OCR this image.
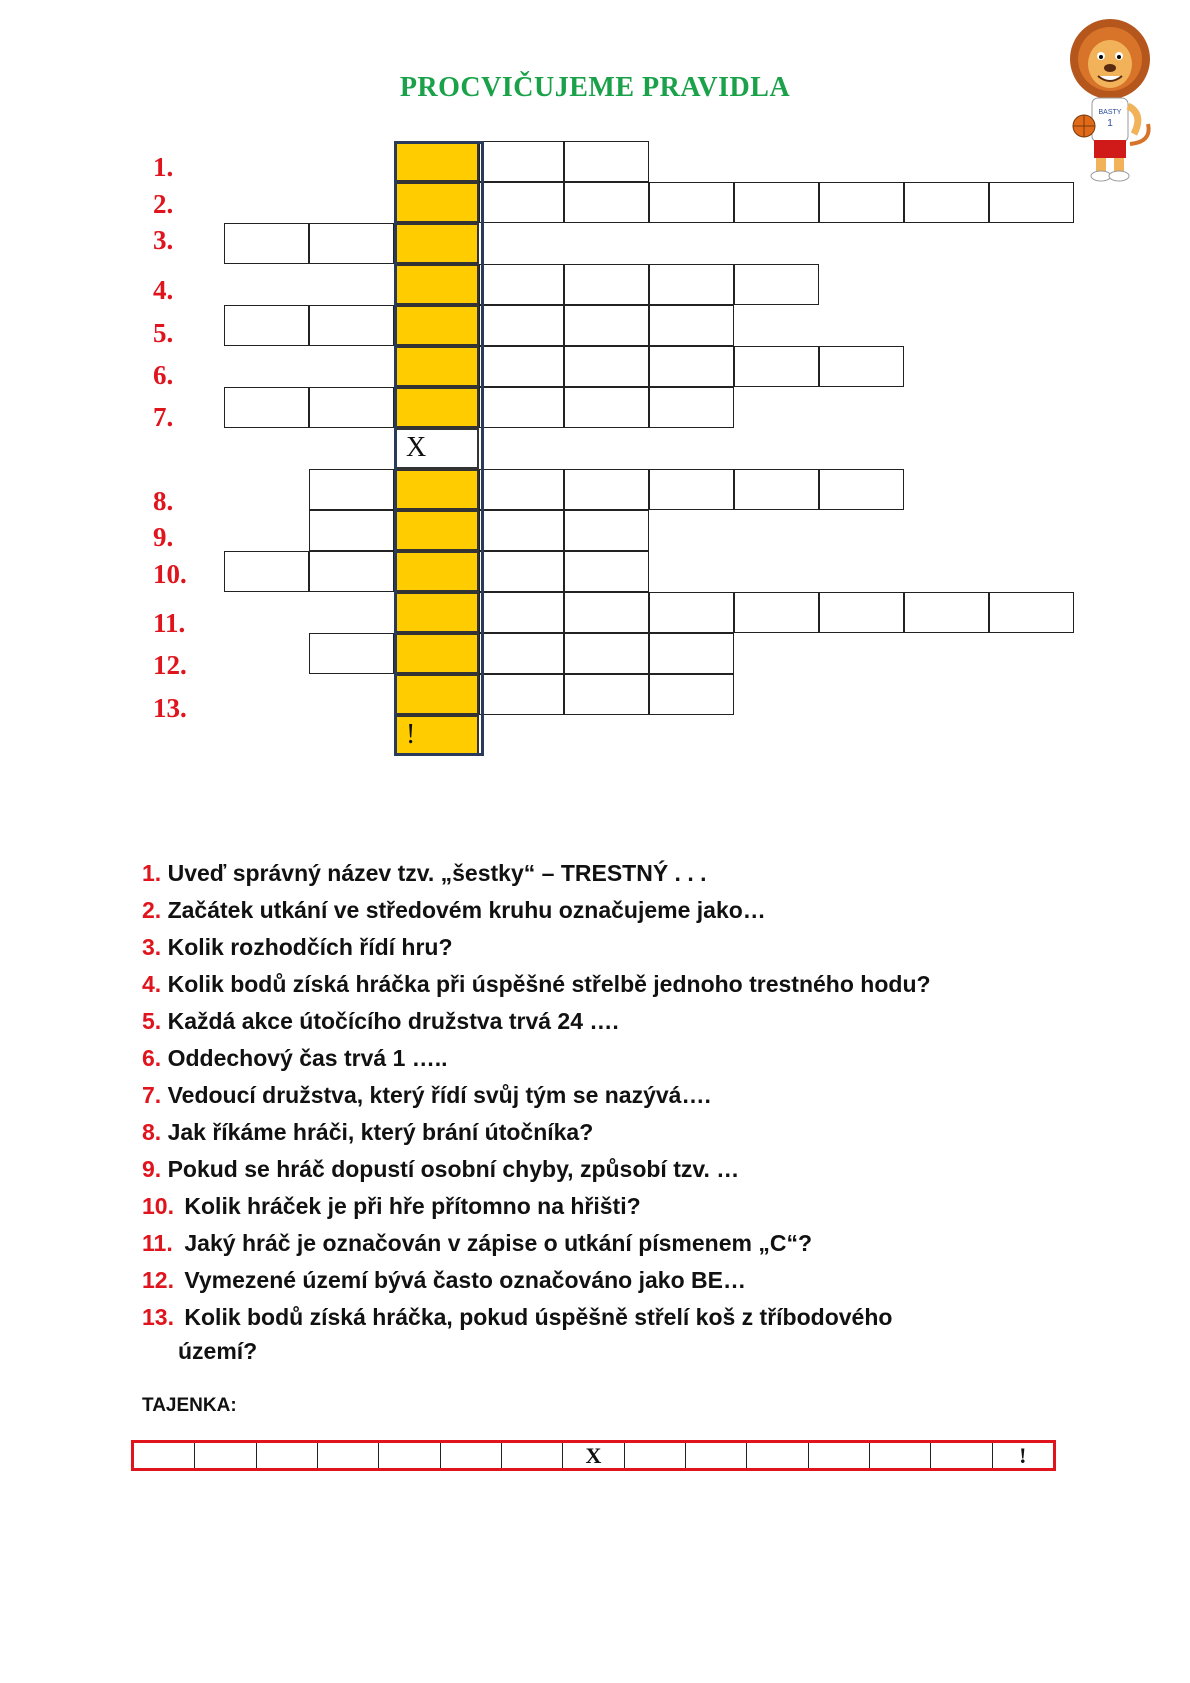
PROCVIČUJEME PRAVIDLA
BASTY
1
1.
2.
3.
4.
5.
6.
7.
8.
9.
10.
11.
12.
13.
X
!
1. Uveď správný název tzv. „šestky“ – TRESTNÝ . . .
2. Začátek utkání ve středovém kruhu označujeme jako…
3. Kolik rozhodčích řídí hru?
4. Kolik bodů získá hráčka při úspěšné střelbě jednoho trestného hodu?
5. Každá akce útočícího družstva trvá 24 ….
6. Oddechový čas trvá 1 …..
7. Vedoucí družstva, který řídí svůj tým se nazývá….
8. Jak říkáme hráči, který brání útočníka?
9. Pokud se hráč dopustí osobní chyby, způsobí tzv. …
10. Kolik hráček je při hře přítomno na hřišti?
11. Jaký hráč je označován v zápise o utkání písmenem „C“?
12. Vymezené území bývá často označováno jako BE…
13. Kolik bodů získá hráčka, pokud úspěšně střelí koš z tříbodového
území?
TAJENKA:
X	!
